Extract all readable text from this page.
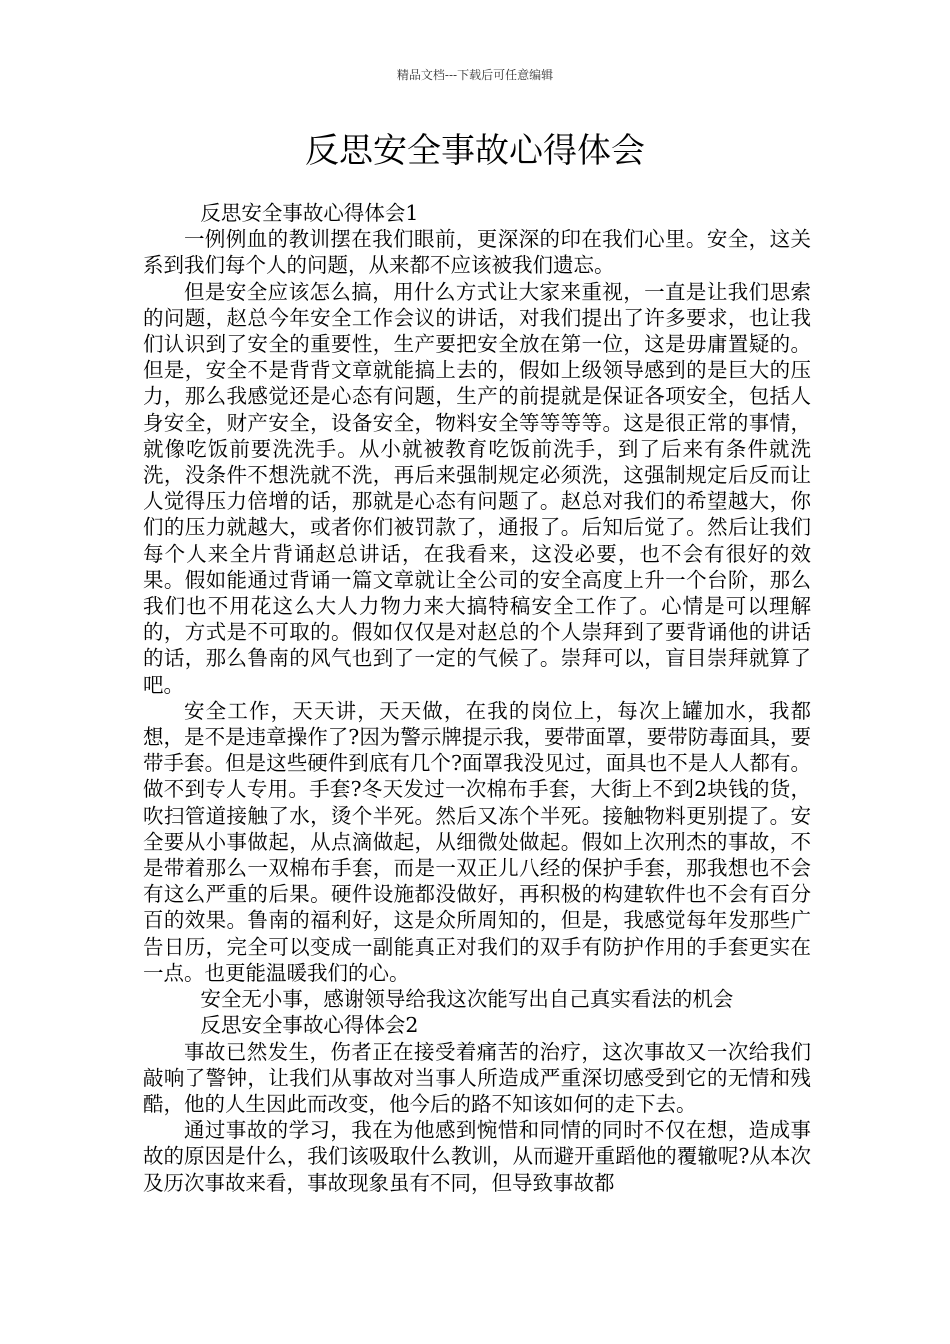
精品文档---下载后可任意编辑
反思安全事故心得体会

反思安全事故心得体会1

一例例血的教训摆在我们眼前，更深深的印在我们心里。安全，这关系到我们每个人的问题，从来都不应该被我们遗忘。

但是安全应该怎么搞，用什么方式让大家来重视，一直是让我们思索的问题，赵总今年安全工作会议的讲话，对我们提出了许多要求，也让我们认识到了安全的重要性，生产要把安全放在第一位，这是毋庸置疑的。但是，安全不是背背文章就能搞上去的，假如上级领导感到的是巨大的压力，那么我感觉还是心态有问题，生产的前提就是保证各项安全，包括人身安全，财产安全，设备安全，物料安全等等等等。这是很正常的事情，就像吃饭前要洗洗手。从小就被教育吃饭前洗手，到了后来有条件就洗洗，没条件不想洗就不洗，再后来强制规定必须洗，这强制规定后反而让人觉得压力倍增的话，那就是心态有问题了。赵总对我们的希望越大，你们的压力就越大，或者你们被罚款了，通报了。后知后觉了。然后让我们每个人来全片背诵赵总讲话，在我看来，这没必要，也不会有很好的效果。假如能通过背诵一篇文章就让全公司的安全高度上升一个台阶，那么我们也不用花这么大人力物力来大搞特稿安全工作了。心情是可以理解的，方式是不可取的。假如仅仅是对赵总的个人崇拜到了要背诵他的讲话的话，那么鲁南的风气也到了一定的气候了。崇拜可以，盲目崇拜就算了吧。

安全工作，天天讲，天天做，在我的岗位上，每次上罐加水，我都想，是不是违章操作了?因为警示牌提示我，要带面罩，要带防毒面具，要带手套。但是这些硬件到底有几个?面罩我没见过，面具也不是人人都有。做不到专人专用。手套?冬天发过一次棉布手套，大街上不到2块钱的货，吹扫管道接触了水，烫个半死。然后又冻个半死。接触物料更别提了。安全要从小事做起，从点滴做起，从细微处做起。假如上次刑杰的事故，不是带着那么一双棉布手套，而是一双正儿八经的保护手套，那我想也不会有这么严重的后果。硬件设施都没做好，再积极的构建软件也不会有百分百的效果。鲁南的福利好，这是众所周知的，但是，我感觉每年发那些广告日历，完全可以变成一副能真正对我们的双手有防护作用的手套更实在一点。也更能温暖我们的心。

安全无小事，感谢领导给我这次能写出自己真实看法的机会

反思安全事故心得体会2

事故已然发生，伤者正在接受着痛苦的治疗，这次事故又一次给我们敲响了警钟，让我们从事故对当事人所造成严重深切感受到它的无情和残酷，他的人生因此而改变，他今后的路不知该如何的走下去。

通过事故的学习，我在为他感到惋惜和同情的同时不仅在想，造成事故的原因是什么，我们该吸取什么教训，从而避开重蹈他的覆辙呢?从本次及历次事故来看，事故现象虽有不同，但导致事故都
